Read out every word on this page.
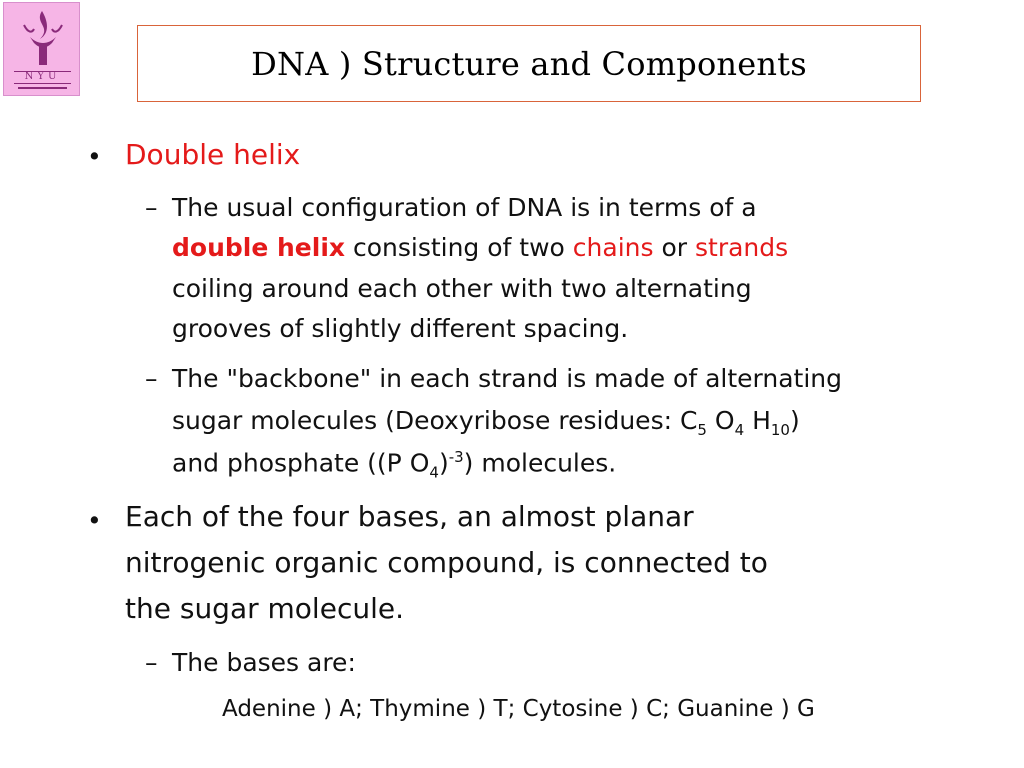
NYU	DNA ) Structure and Components
• Double helix
– The usual configuration of DNA is in terms of a
double helix consisting of two chains or strands
coiling around each other with two alternating
grooves of slightly different spacing.
– The "backbone" in each strand is made of alternating
sugar molecules (Deoxyribose residues: $C_5$ $O_4$ $H_{10}$)
and phosphate ((P $O_4)^{-3}$) molecules.
• Each of the four bases, an almost planar
nitrogenic organic compound, is connected to
the sugar molecule.
– The bases are:
Adenine ) A; Thymine ) T; Cytosine ) C; Guanine ) G
